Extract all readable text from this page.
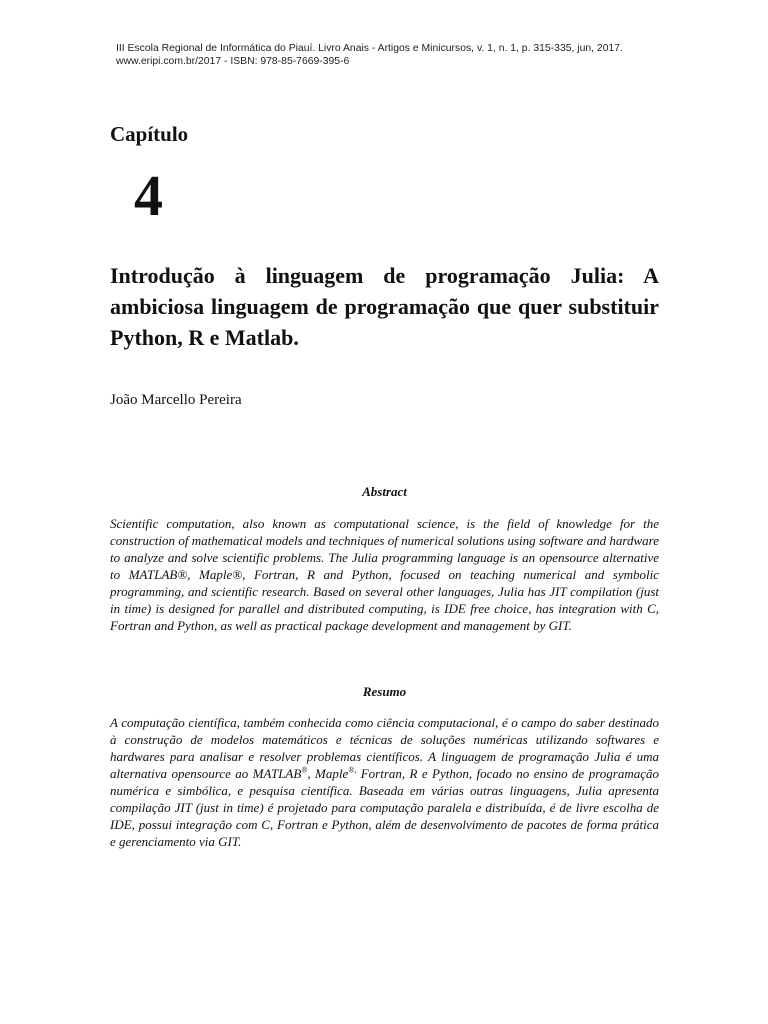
III Escola Regional de Informática do Piauí. Livro Anais - Artigos e Minicursos, v. 1, n. 1, p. 315-335, jun, 2017.
www.eripi.com.br/2017 - ISBN: 978-85-7669-395-6
Capítulo
4
Introdução à linguagem de programação Julia: A ambiciosa linguagem de programação que quer substituir Python, R e Matlab.
João Marcello Pereira
Abstract
Scientific computation, also known as computational science, is the field of knowledge for the construction of mathematical models and techniques of numerical solutions using software and hardware to analyze and solve scientific problems. The Julia programming language is an opensource alternative to MATLAB®, Maple®, Fortran, R and Python, focused on teaching numerical and symbolic programming, and scientific research. Based on several other languages, Julia has JIT compilation (just in time) is designed for parallel and distributed computing, is IDE free choice, has integration with C, Fortran and Python, as well as practical package development and management by GIT.
Resumo
A computação científica, também conhecida como ciência computacional, é o campo do saber destinado à construção de modelos matemáticos e técnicas de soluções numéricas utilizando softwares e hardwares para analisar e resolver problemas científicos. A linguagem de programação Julia é uma alternativa opensource ao MATLAB®, Maple®, Fortran, R e Python, focado no ensino de programação numérica e simbólica, e pesquisa científica. Baseada em várias outras linguagens, Julia apresenta compilação JIT (just in time) é projetado para computação paralela e distribuída, é de livre escolha de IDE, possui integração com C, Fortran e Python, além de desenvolvimento de pacotes de forma prática e gerenciamento via GIT.
